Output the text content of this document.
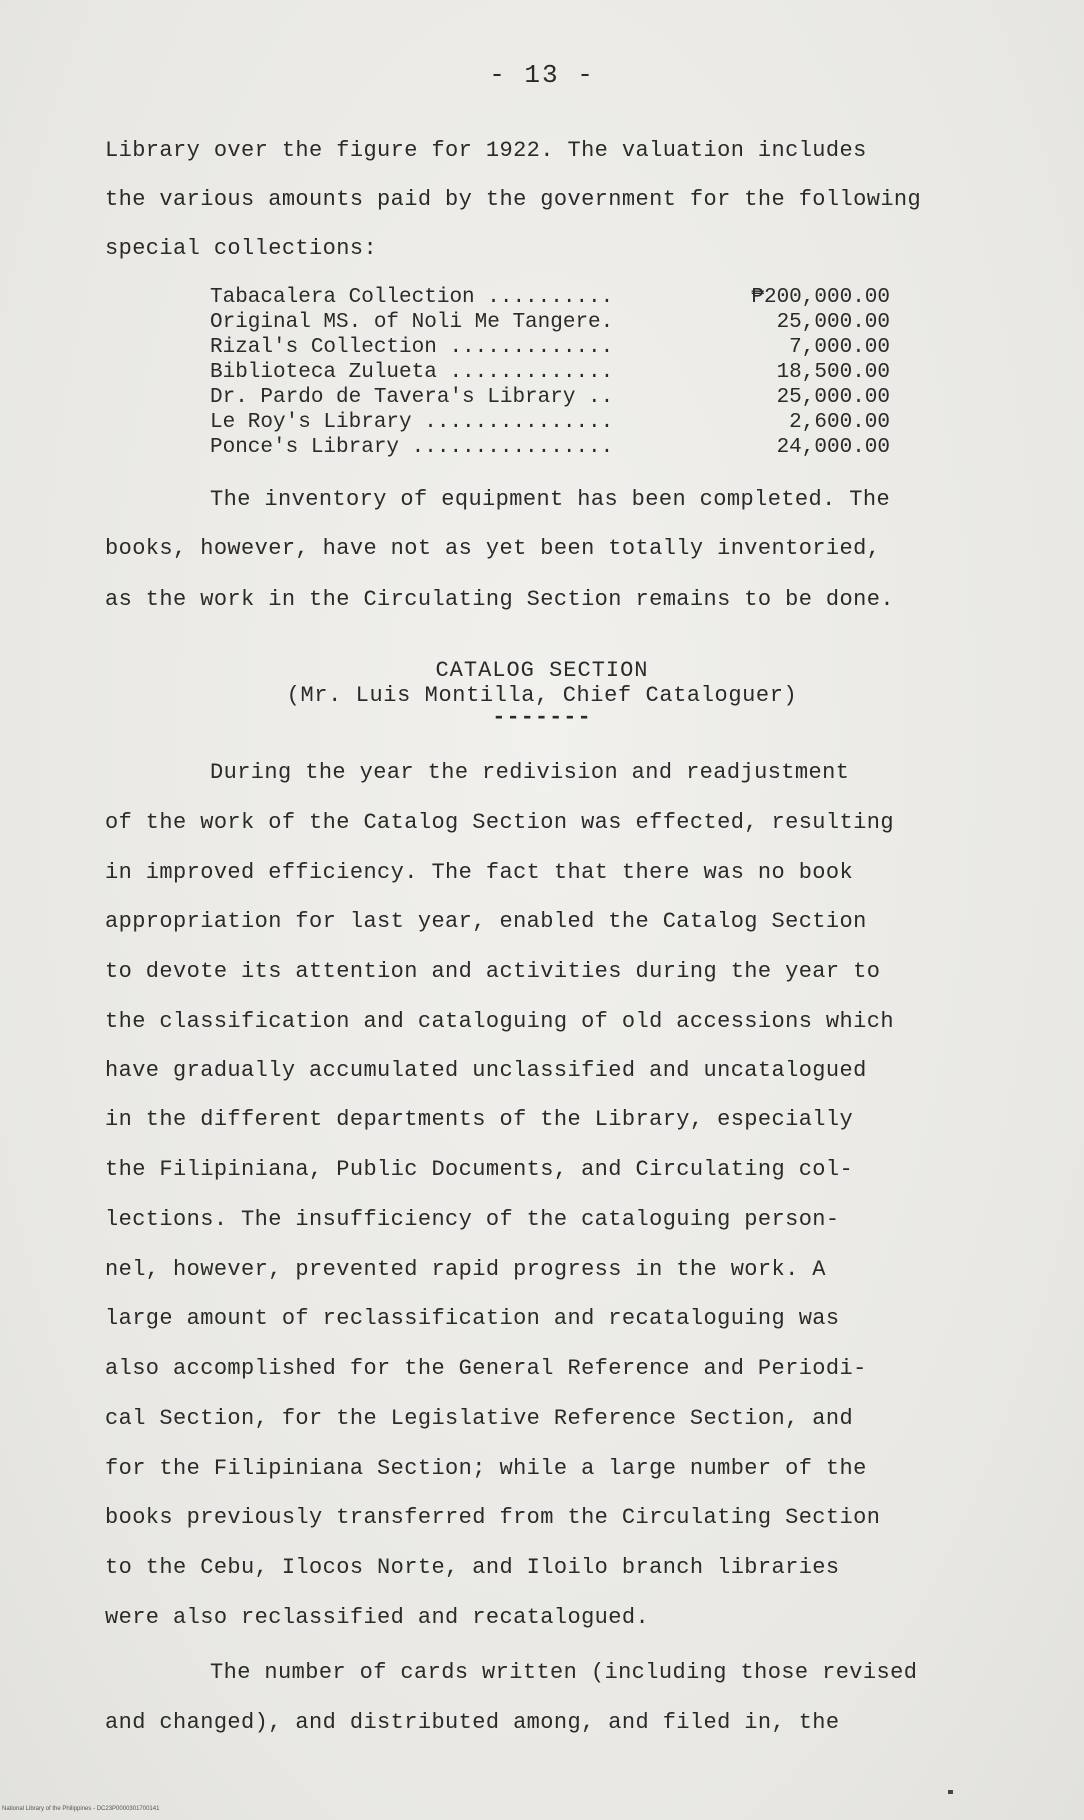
- 13 -
Library over the figure for 1922. The valuation includes
the various amounts paid by the government for the following
special collections:
Tabacalera Collection ..........	₱200,000.00
Original MS. of Noli Me Tangere.	25,000.00
Rizal's Collection .............	7,000.00
Biblioteca Zulueta .............	18,500.00
Dr. Pardo de Tavera's Library ..	25,000.00
Le Roy's Library ...............	2,600.00
Ponce's Library ................	24,000.00
The inventory of equipment has been completed. The
books, however, have not as yet been totally inventoried,
as the work in the Circulating Section remains to be done.
CATALOG SECTION
(Mr. Luis Montilla, Chief Cataloguer)
-------
During the year the redivision and readjustment
of the work of the Catalog Section was effected, resulting
in improved efficiency. The fact that there was no book
appropriation for last year, enabled the Catalog Section
to devote its attention and activities during the year to
the classification and cataloguing of old accessions which
have gradually accumulated unclassified and uncatalogued
in the different departments of the Library, especially
the Filipiniana, Public Documents, and Circulating col-
lections. The insufficiency of the cataloguing person-
nel, however, prevented rapid progress in the work. A
large amount of reclassification and recataloguing was
also accomplished for the General Reference and Periodi-
cal Section, for the Legislative Reference Section, and
for the Filipiniana Section; while a large number of the
books previously transferred from the Circulating Section
to the Cebu, Ilocos Norte, and Iloilo branch libraries
were also reclassified and recatalogued.
The number of cards written (including those revised
and changed), and distributed among, and filed in, the
National Library of the Philippines - DC23P0000301700141
